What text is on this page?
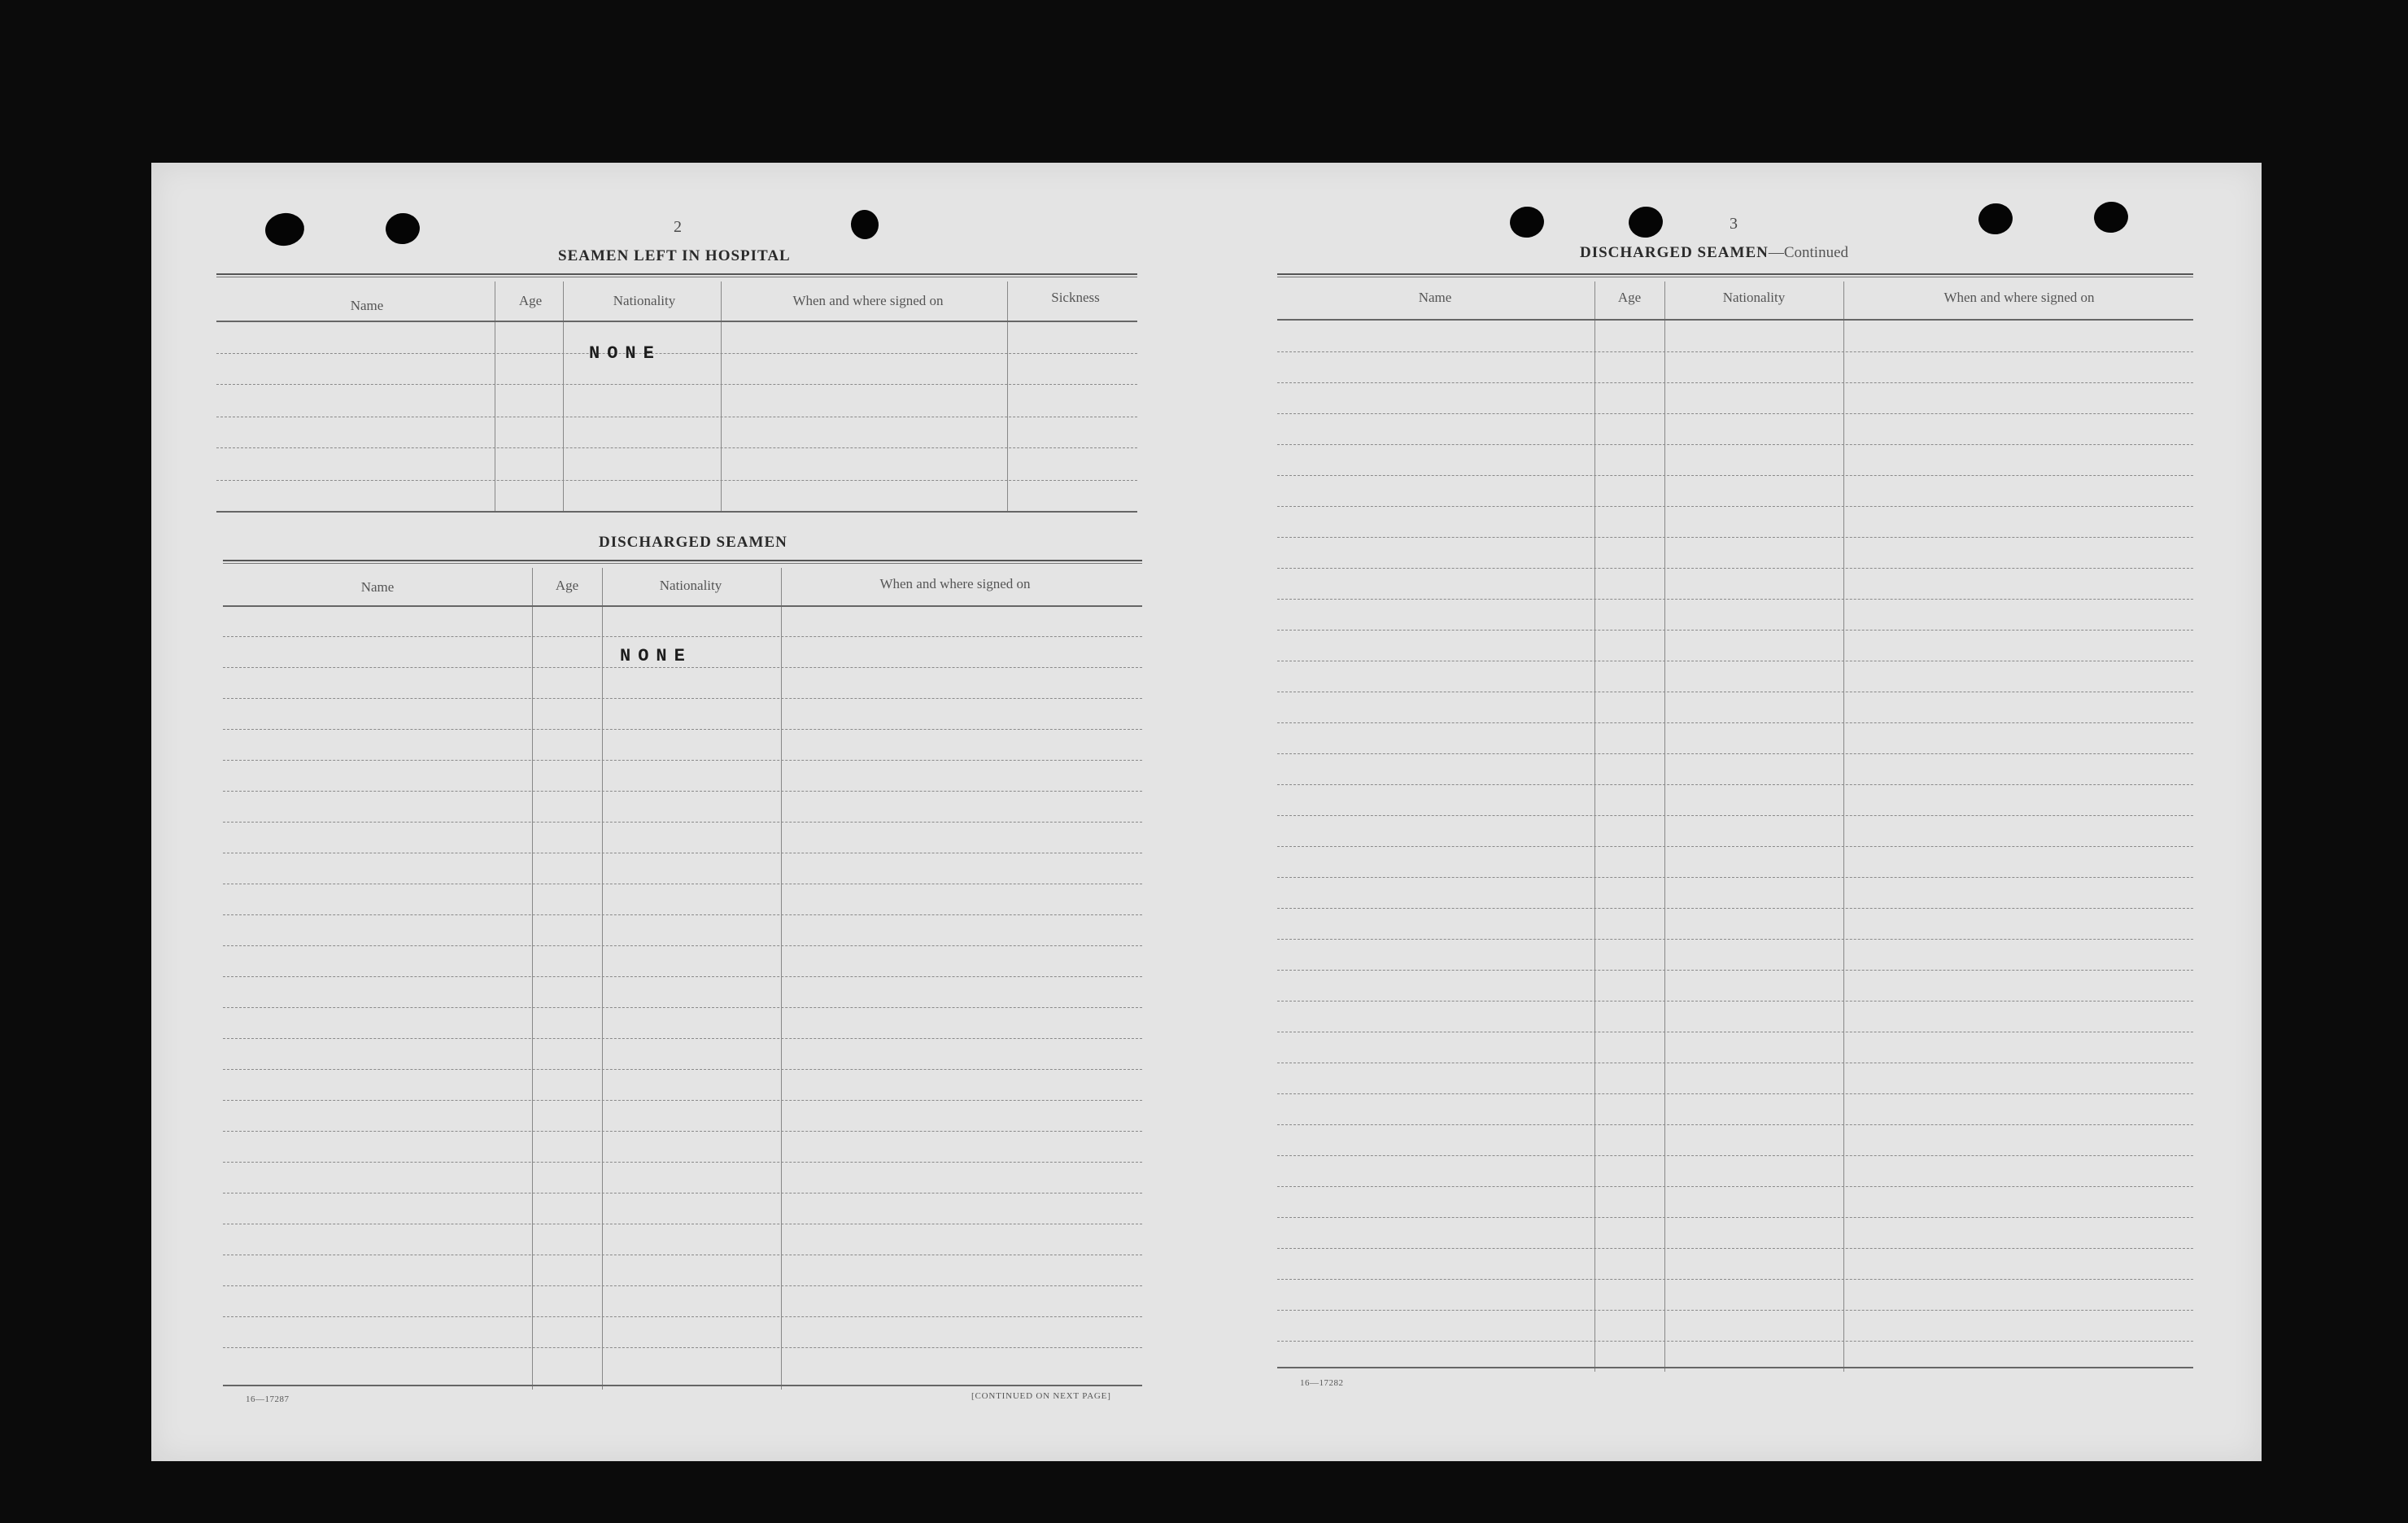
2
SEAMEN LEFT IN HOSPITAL
Name	Age	Nationality	When and where signed on	Sickness
NONE
DISCHARGED SEAMEN
Name	Age	Nationality	When and where signed on
NONE
16—17287	[CONTINUED ON NEXT PAGE]
3
DISCHARGED SEAMEN—Continued
Name	Age	Nationality	When and where signed on
16—17282
